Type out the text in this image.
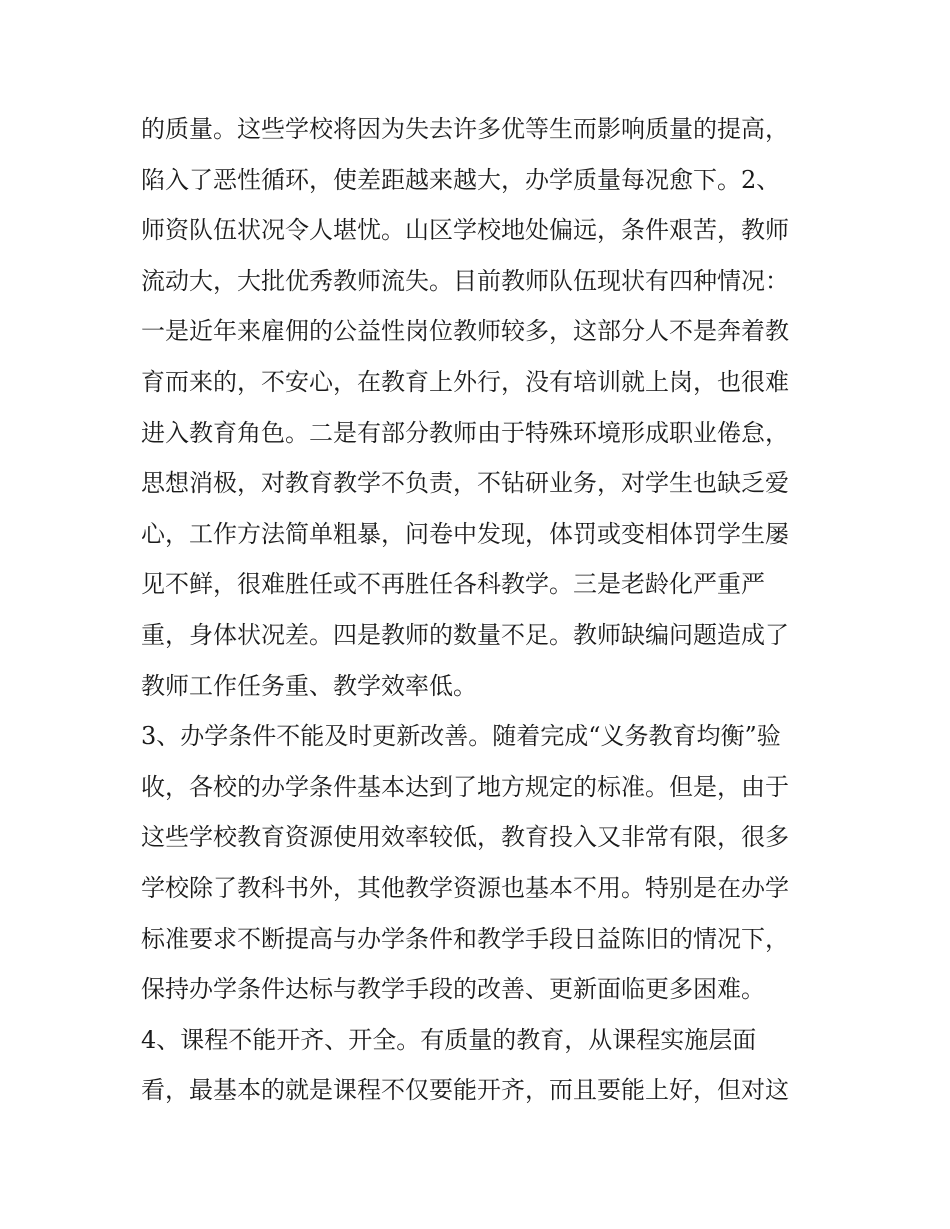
的质量。这些学校将因为失去许多优等生而影响质量的提高，
陷入了恶性循环，使差距越来越大，办学质量每况愈下。2、
师资队伍状况令人堪忧。山区学校地处偏远，条件艰苦，教师
流动大，大批优秀教师流失。目前教师队伍现状有四种情况：
一是近年来雇佣的公益性岗位教师较多，这部分人不是奔着教
育而来的，不安心，在教育上外行，没有培训就上岗，也很难
进入教育角色。二是有部分教师由于特殊环境形成职业倦怠，
思想消极，对教育教学不负责，不钻研业务，对学生也缺乏爱
心，工作方法简单粗暴，问卷中发现，体罚或变相体罚学生屡
见不鲜，很难胜任或不再胜任各科教学。三是老龄化严重严
重，身体状况差。四是教师的数量不足。教师缺编问题造成了
教师工作任务重、教学效率低。
3、办学条件不能及时更新改善。随着完成“义务教育均衡”验
收，各校的办学条件基本达到了地方规定的标准。但是，由于
这些学校教育资源使用效率较低，教育投入又非常有限，很多
学校除了教科书外，其他教学资源也基本不用。特别是在办学
标准要求不断提高与办学条件和教学手段日益陈旧的情况下，
保持办学条件达标与教学手段的改善、更新面临更多困难。
4、课程不能开齐、开全。有质量的教育，从课程实施层面
看，最基本的就是课程不仅要能开齐，而且要能上好，但对这
